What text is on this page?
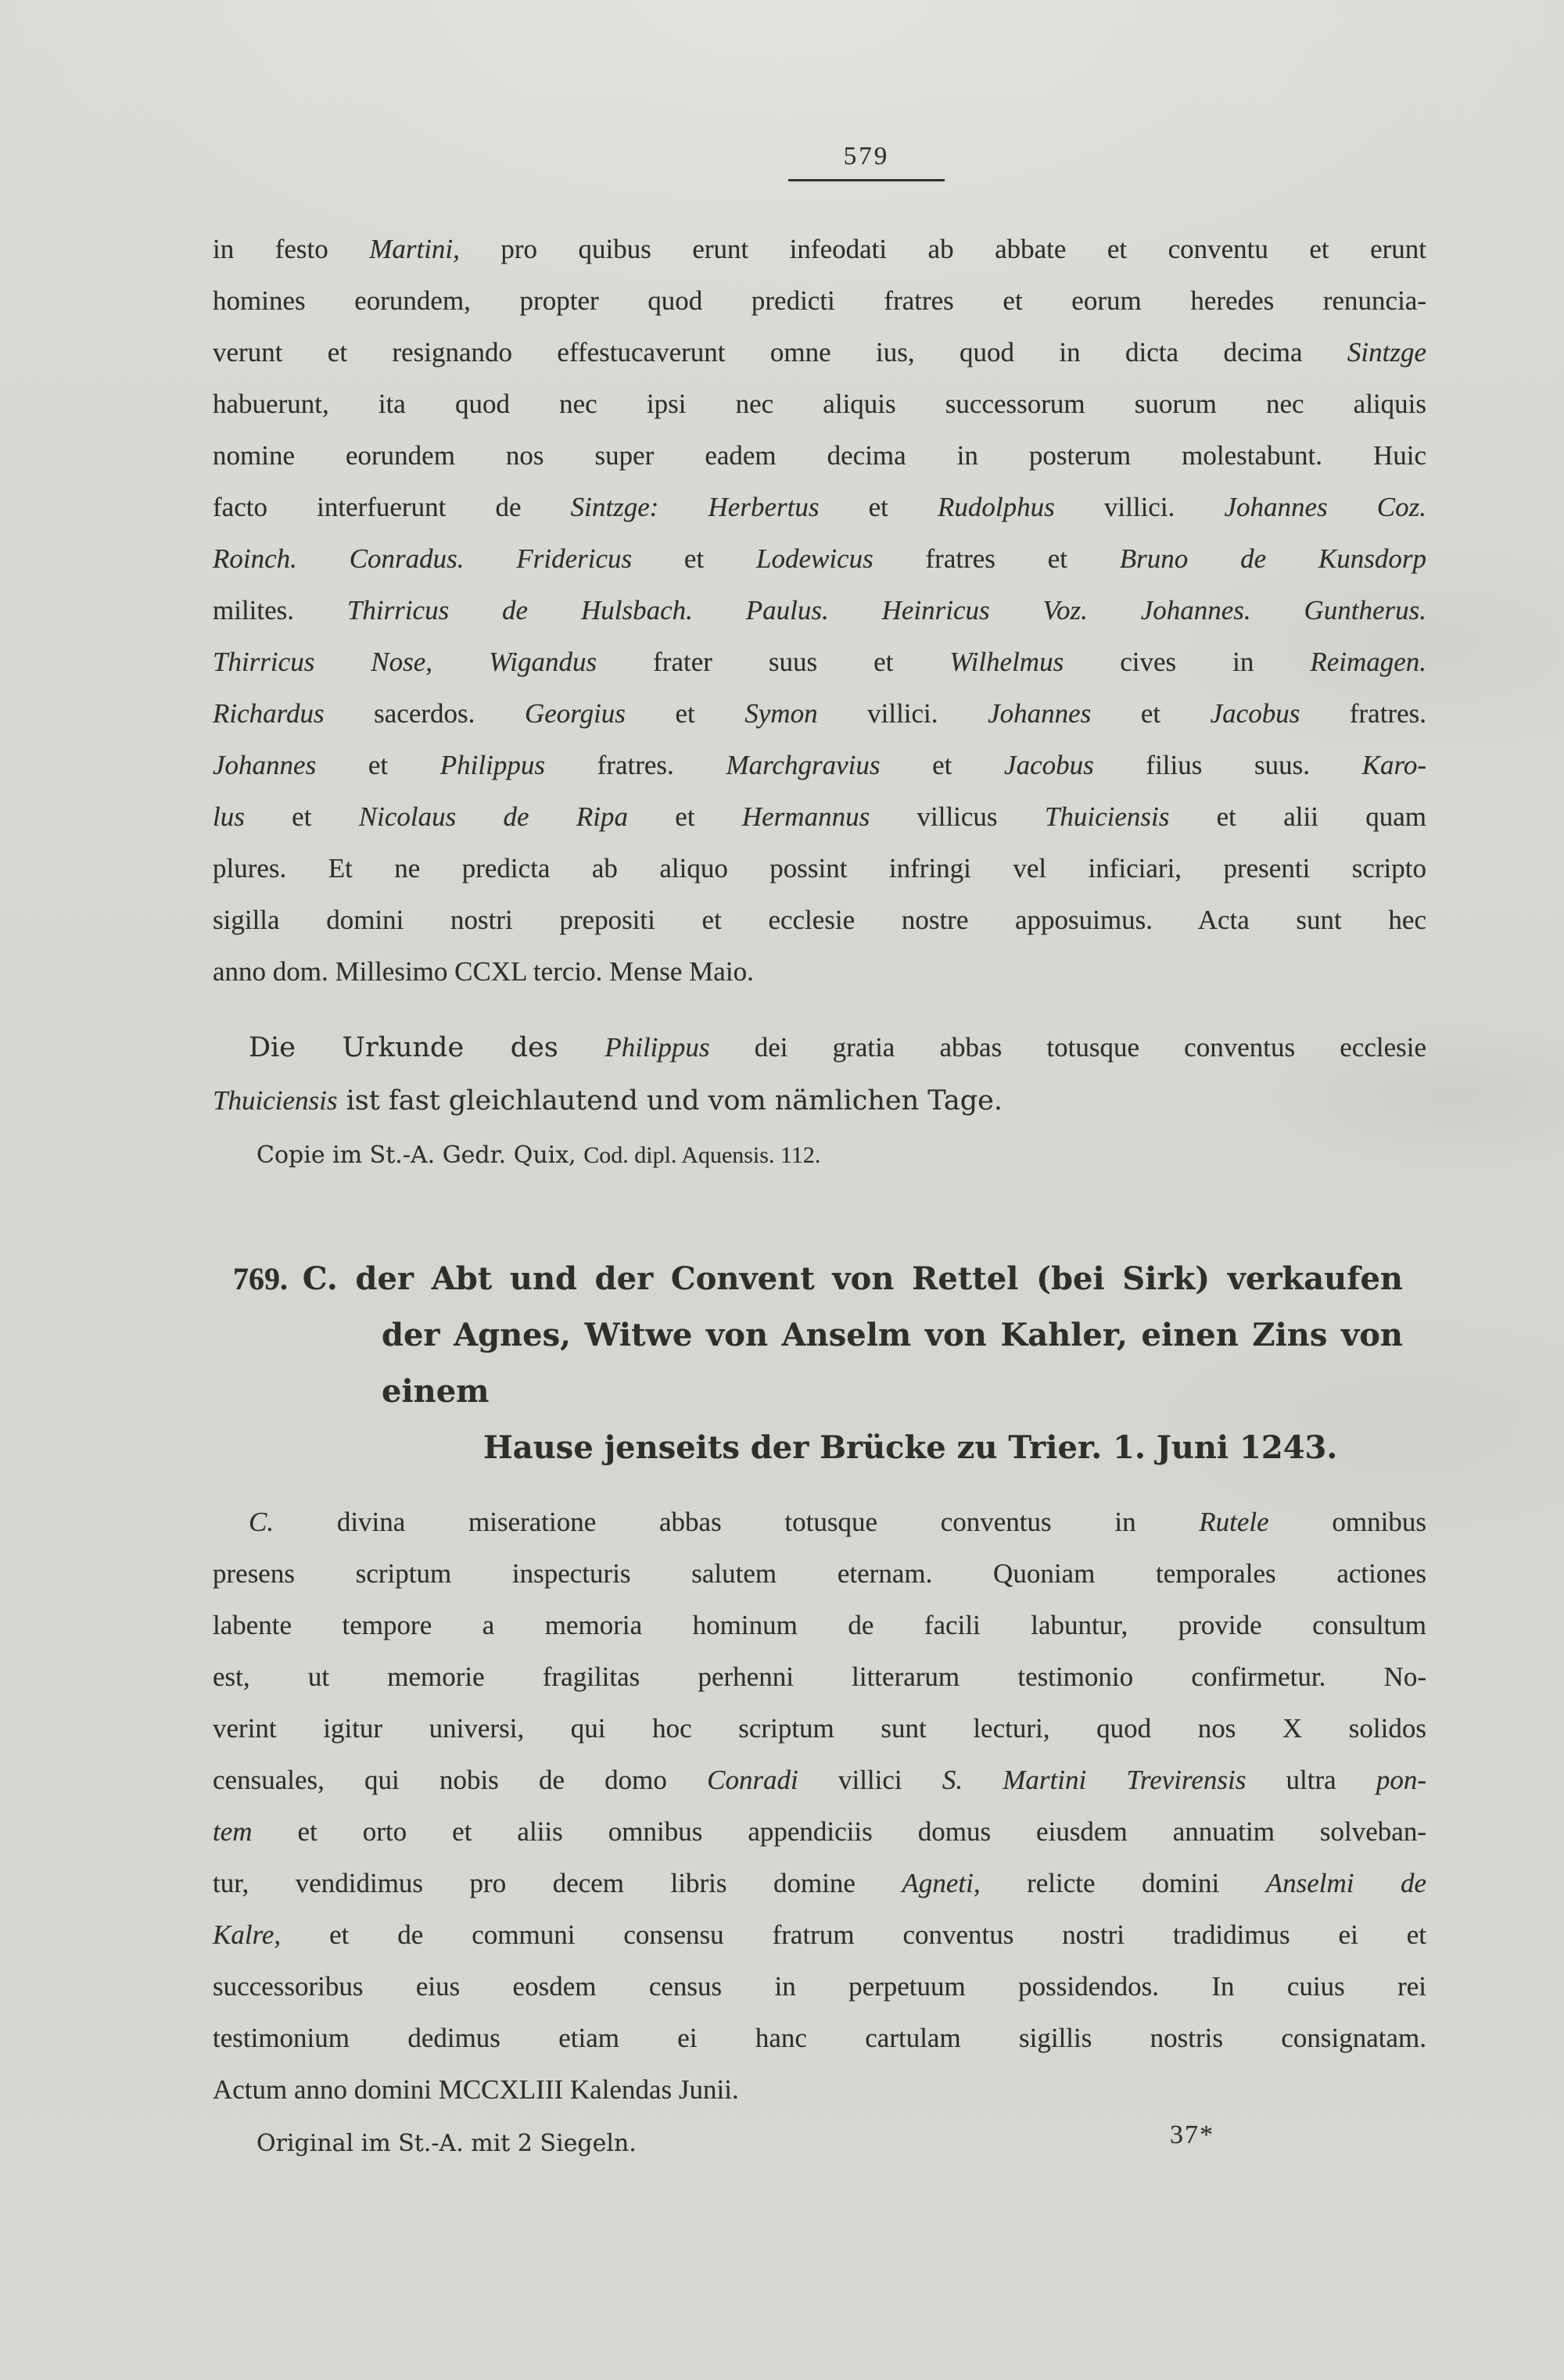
579
in festo Martini, pro quibus erunt infeodati ab abbate et conventu et erunt
homines eorundem, propter quod predicti fratres et eorum heredes renuncia-
verunt et resignando effestucaverunt omne ius, quod in dicta decima Sintzge
habuerunt, ita quod nec ipsi nec aliquis successorum suorum nec aliquis
nomine eorundem nos super eadem decima in posterum molestabunt. Huic
facto interfuerunt de Sintzge: Herbertus et Rudolphus villici. Johannes Coz.
Roinch. Conradus. Fridericus et Lodewicus fratres et Bruno de Kunsdorp
milites. Thirricus de Hulsbach. Paulus. Heinricus Voz. Johannes. Guntherus.
Thirricus Nose, Wigandus frater suus et Wilhelmus cives in Reimagen.
Richardus sacerdos. Georgius et Symon villici. Johannes et Jacobus fratres.
Johannes et Philippus fratres. Marchgravius et Jacobus filius suus. Karo-
lus et Nicolaus de Ripa et Hermannus villicus Thuiciensis et alii quam
plures. Et ne predicta ab aliquo possint infringi vel inficiari, presenti scripto
sigilla domini nostri prepositi et ecclesie nostre apposuimus. Acta sunt hec
anno dom. Millesimo CCXL tercio. Mense Maio.
Die Urkunde des Philippus dei gratia abbas totusque conventus ecclesie
Thuiciensis ist fast gleichlautend und vom nämlichen Tage.
Copie im St.-A. Gedr. Quix, Cod. dipl. Aquensis. 112.
769. C. der Abt und der Convent von Rettel (bei Sirk) verkaufen
der Agnes, Witwe von Anselm von Kahler, einen Zins von einem
Hause jenseits der Brücke zu Trier. 1. Juni 1243.
C. divina miseratione abbas totusque conventus in Rutele omnibus
presens scriptum inspecturis salutem eternam. Quoniam temporales actiones
labente tempore a memoria hominum de facili labuntur, provide consultum
est, ut memorie fragilitas perhenni litterarum testimonio confirmetur. No-
verint igitur universi, qui hoc scriptum sunt lecturi, quod nos X solidos
censuales, qui nobis de domo Conradi villici S. Martini Trevirensis ultra pon-
tem et orto et aliis omnibus appendiciis domus eiusdem annuatim solveban-
tur, vendidimus pro decem libris domine Agneti, relicte domini Anselmi de
Kalre, et de communi consensu fratrum conventus nostri tradidimus ei et
successoribus eius eosdem census in perpetuum possidendos. In cuius rei
testimonium dedimus etiam ei hanc cartulam sigillis nostris consignatam.
Actum anno domini MCCXLIII Kalendas Junii.
Original im St.-A. mit 2 Siegeln.	37*
